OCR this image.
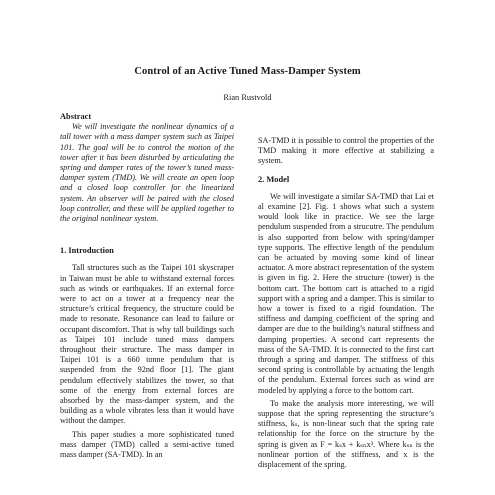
Control of an Active Tuned Mass-Damper System
Rian Rustvold

Abstract

We will investigate the nonlinear dynamics of a tall tower with a mass damper system such as Taipei 101. The goal will be to control the motion of the tower after it has been disturbed by articulating the spring and damper rates of the tower’s tuned mass-damper system (TMD). We will create an open loop and a closed loop controller for the linearized system. An observer will be paired with the closed loop controller, and these will be applied together to the original nonlinear system.

1. Introduction

Tall structures such as the Taipei 101 skyscraper in Taiwan must be able to withstand external forces such as winds or earthquakes. If an external force were to act on a tower at a frequency near the structure’s critical frequency, the structure could be made to resonate. Resonance can lead to failure or occupant discomfort. That is why tall buildings such as Taipei 101 include tuned mass dampers throughout their structure. The mass damper in Taipei 101 is a 660 tonne pendulum that is suspended from the 92nd floor [1]. The giant pendulum effectively stabilizes the tower, so that some of the energy from external forces are absorbed by the mass-damper system, and the building as a whole vibrates less than it would have without the damper.

This paper studies a more sophisticated tuned mass damper (TMD) called a semi-active tuned mass damper (SA-TMD). In an

SA-TMD it is possible to control the properties of the TMD making it more effective at stabilizing a system.

2. Model

We will investigate a similar SA-TMD that Lai et al examine [2]. Fig. 1 shows what such a system would look like in practice. We see the large pendulum suspended from a strucutre. The pendulum is also supported from below with spring/damper type supports. The effective length of the pendulum can be actuated by moving some kind of linear actuator. A more abstract representation of the system is given in fig. 2. Here the structure (tower) is the bottom cart. The bottom cart is attached to a rigid support with a spring and a damper. This is similar to how a tower is fixed to a rigid foundation. The stiffness and damping coefficient of the spring and damper are due to the building’s natural stiffness and damping properties. A second cart represents the mass of the SA-TMD. It is connected to the first cart through a spring and damper. The stiffness of this second spring is controllable by actuating the length of the pendulum. External forces such as wind are modeled by applying a force to the bottom cart.

To make the analysis more interesting, we will suppose that the spring representing the structure’s stiffness, kₛ, is non-linear such that the spring rate relationship for the force on the structure by the spring is given as F = kₛx + kₛₙx³. Where kₛₙ is the nonlinear portion of the stiffness, and x is the displacement of the spring.
